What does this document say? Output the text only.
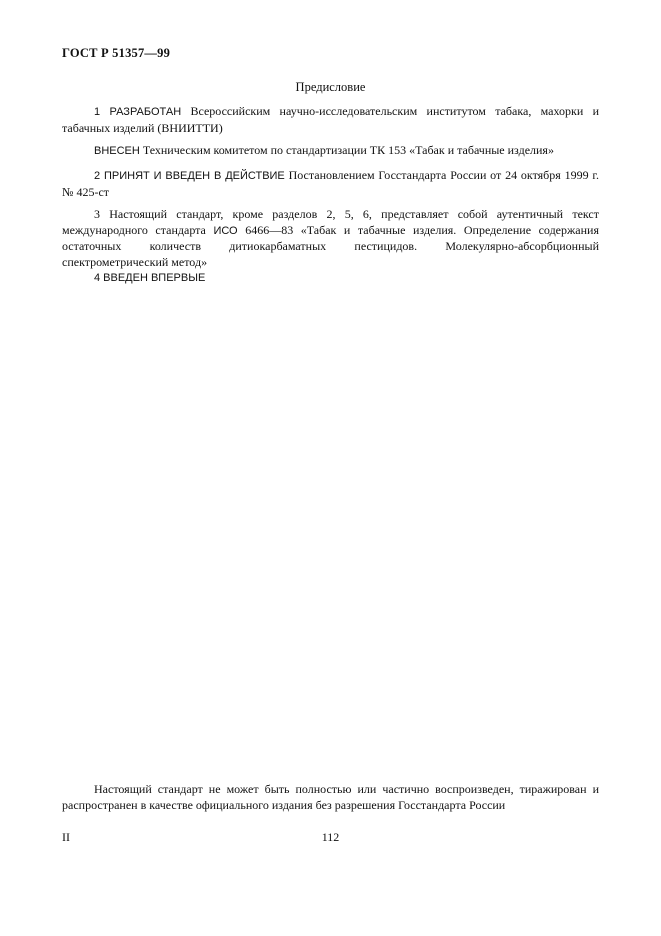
ГОСТ Р 51357—99
Предисловие

1 РАЗРАБОТАН Всероссийским научно-исследовательским институтом табака, махорки и табачных изделий (ВНИИТТИ)

ВНЕСЕН Техническим комитетом по стандартизации ТК 153 «Табак и табачные изделия»

2 ПРИНЯТ И ВВЕДЕН В ДЕЙСТВИЕ Постановлением Госстандарта России от 24 октября 1999 г. № 425-ст

3 Настоящий стандарт, кроме разделов 2, 5, 6, представляет собой аутентичный текст международного стандарта ИСО 6466—83 «Табак и табачные изделия. Определение содержания остаточных количеств дитиокарбаматных пестицидов. Молекулярно-абсорбционный спектрометрический метод»

4 ВВЕДЕН ВПЕРВЫЕ

Настоящий стандарт не может быть полностью или частично воспроизведен, тиражирован и распространен в качестве официального издания без разрешения Госстандарта России

II	112
